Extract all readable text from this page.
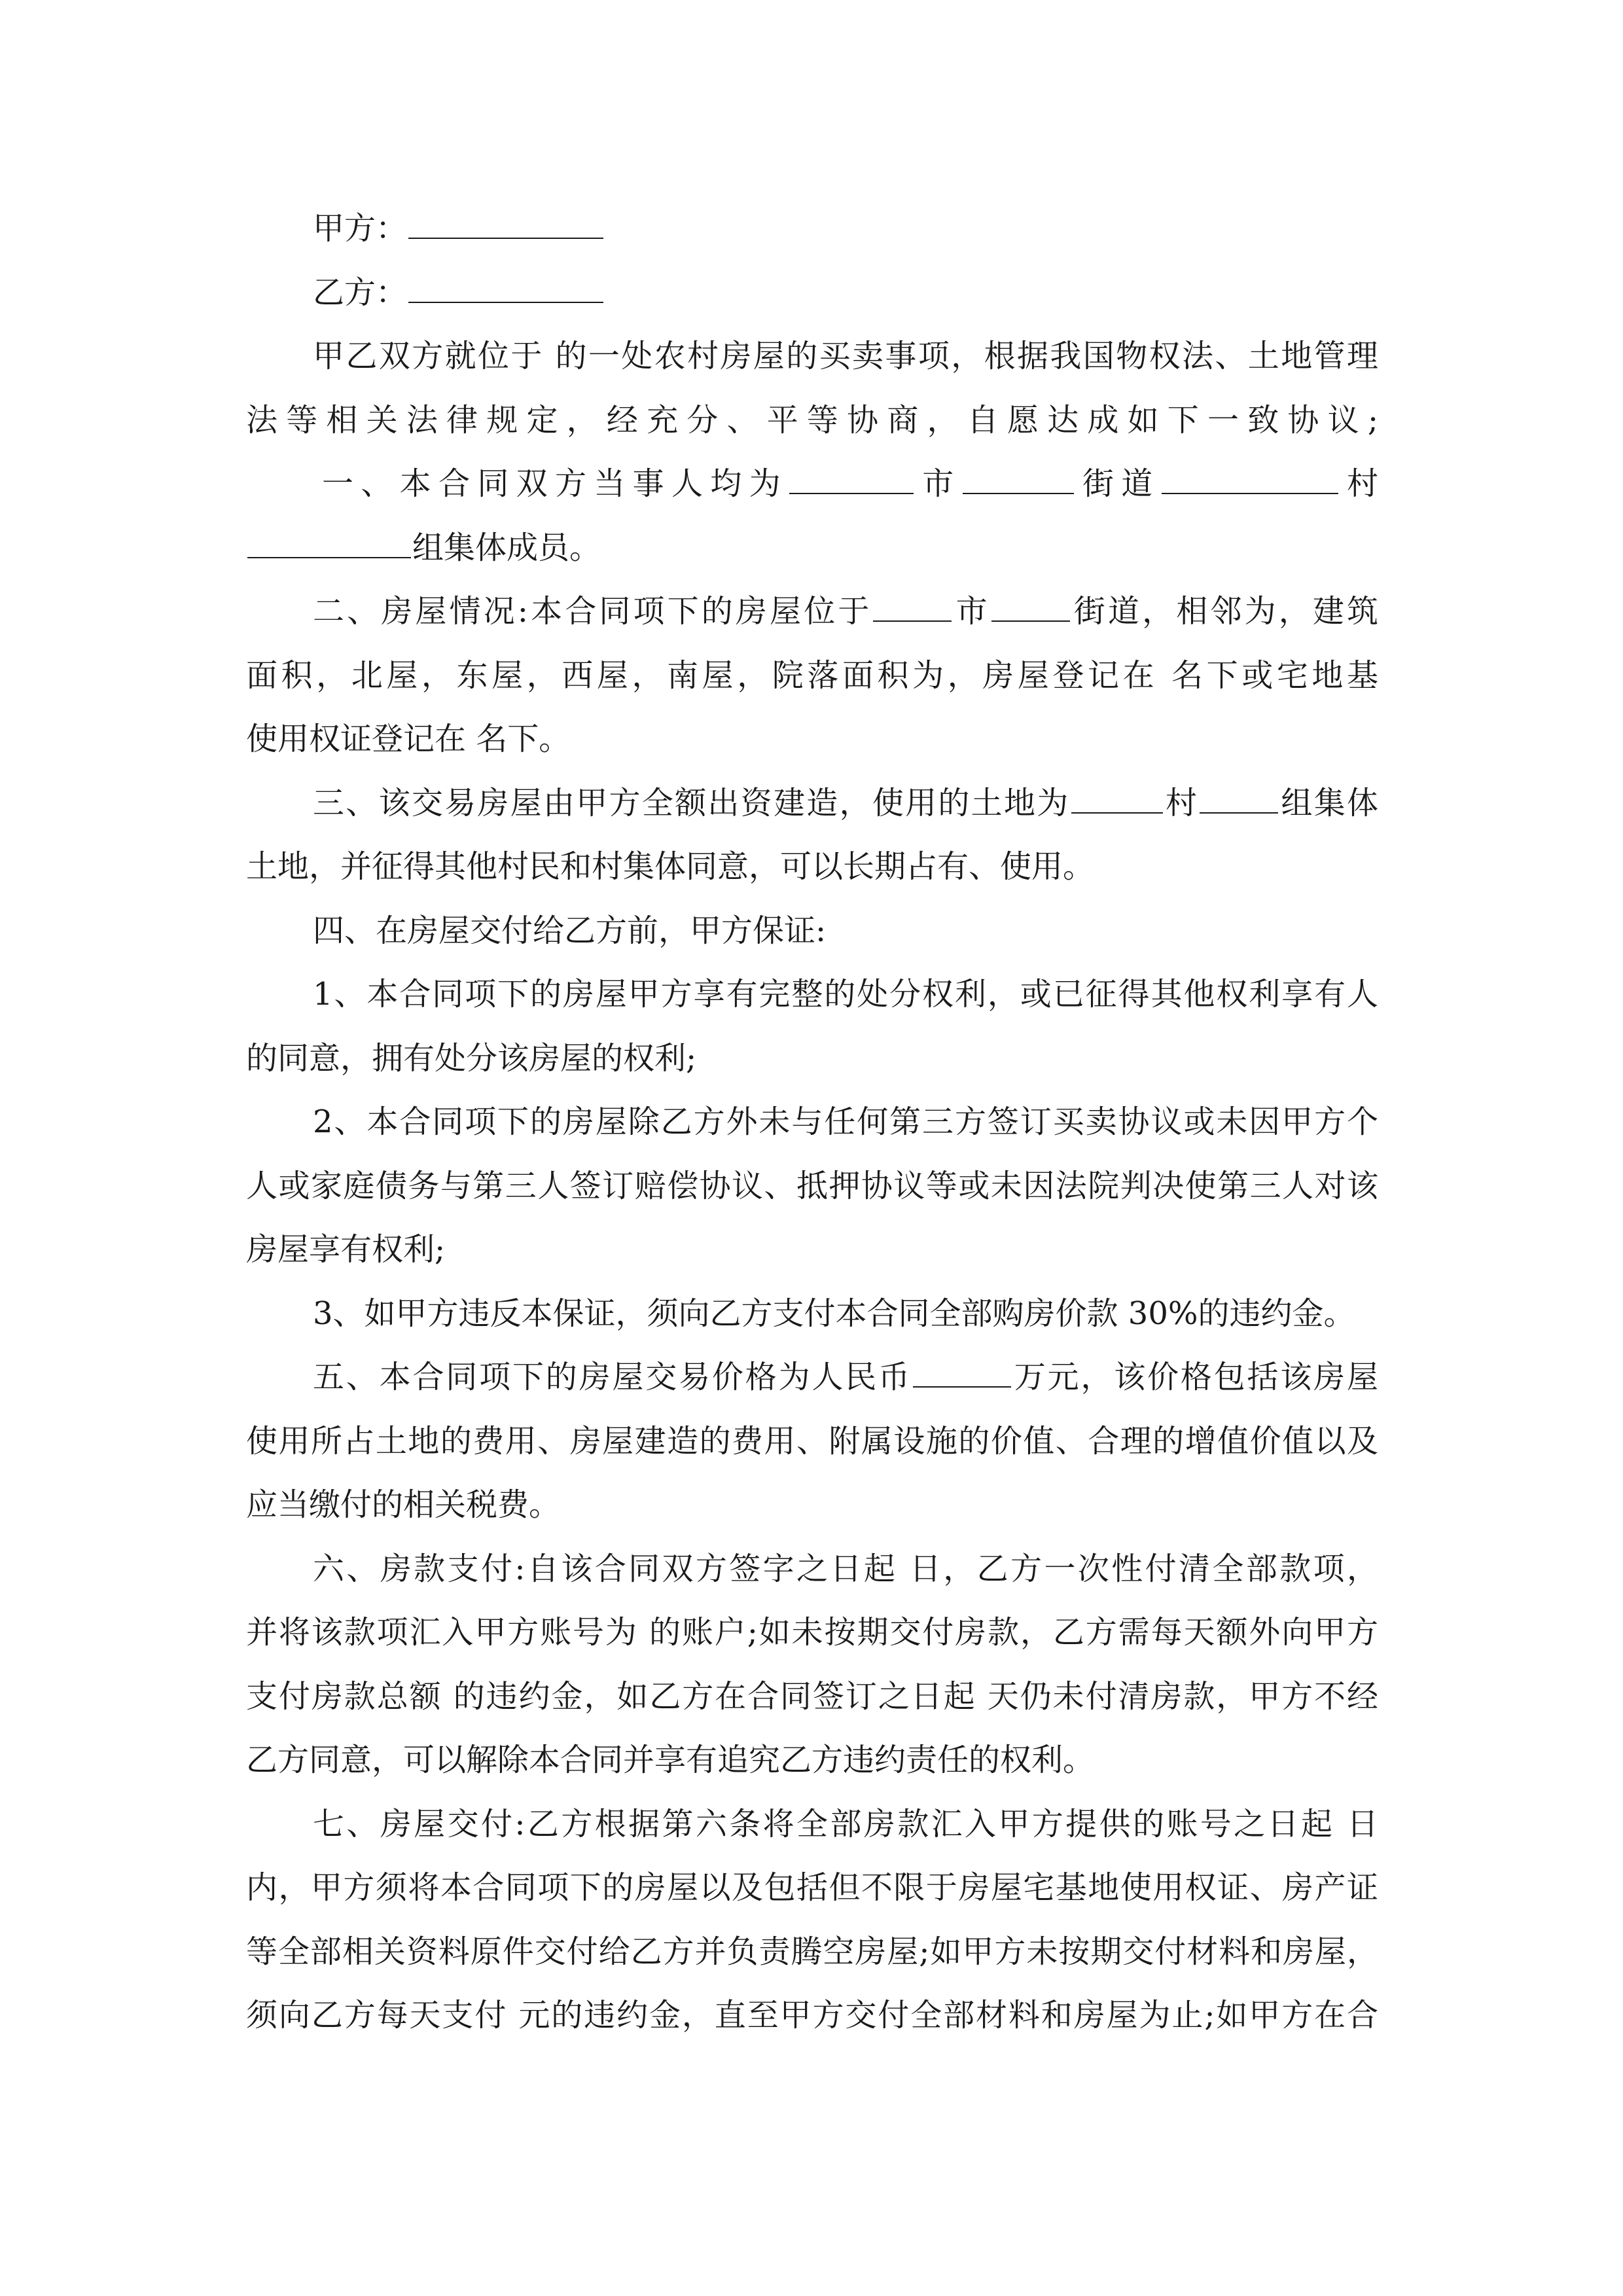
甲方：
乙方：
甲乙双方就位于 的一处农村房屋的买卖事项，根据我国物权法、土地管理
法等相关法律规定，经充分、平等协商，自愿达成如下一致协议;
一、本合同双方当事人均为	市	街道	村
组集体成员。
二、房屋情况:本合同项下的房屋位于	市	街道，相邻为，建筑
面积，北屋，东屋，西屋，南屋，院落面积为，房屋登记在 名下或宅地基
使用权证登记在 名下。
三、该交易房屋由甲方全额出资建造，使用的土地为	村	组集体
土地，并征得其他村民和村集体同意，可以长期占有、使用。
四、在房屋交付给乙方前，甲方保证:
1、本合同项下的房屋甲方享有完整的处分权利，或已征得其他权利享有人
的同意，拥有处分该房屋的权利;
2、本合同项下的房屋除乙方外未与任何第三方签订买卖协议或未因甲方个
人或家庭债务与第三人签订赔偿协议、抵押协议等或未因法院判决使第三人对该
房屋享有权利;
3、如甲方违反本保证，须向乙方支付本合同全部购房价款 30%的违约金。
五、本合同项下的房屋交易价格为人民币	万元，该价格包括该房屋
使用所占土地的费用、房屋建造的费用、附属设施的价值、合理的增值价值以及
应当缴付的相关税费。
六、房款支付:自该合同双方签字之日起 日，乙方一次性付清全部款项，
并将该款项汇入甲方账号为 的账户;如未按期交付房款，乙方需每天额外向甲方
支付房款总额 的违约金，如乙方在合同签订之日起 天仍未付清房款，甲方不经
乙方同意，可以解除本合同并享有追究乙方违约责任的权利。
七、房屋交付:乙方根据第六条将全部房款汇入甲方提供的账号之日起 日
内，甲方须将本合同项下的房屋以及包括但不限于房屋宅基地使用权证、房产证
等全部相关资料原件交付给乙方并负责腾空房屋;如甲方未按期交付材料和房屋，
须向乙方每天支付 元的违约金，直至甲方交付全部材料和房屋为止;如甲方在合
